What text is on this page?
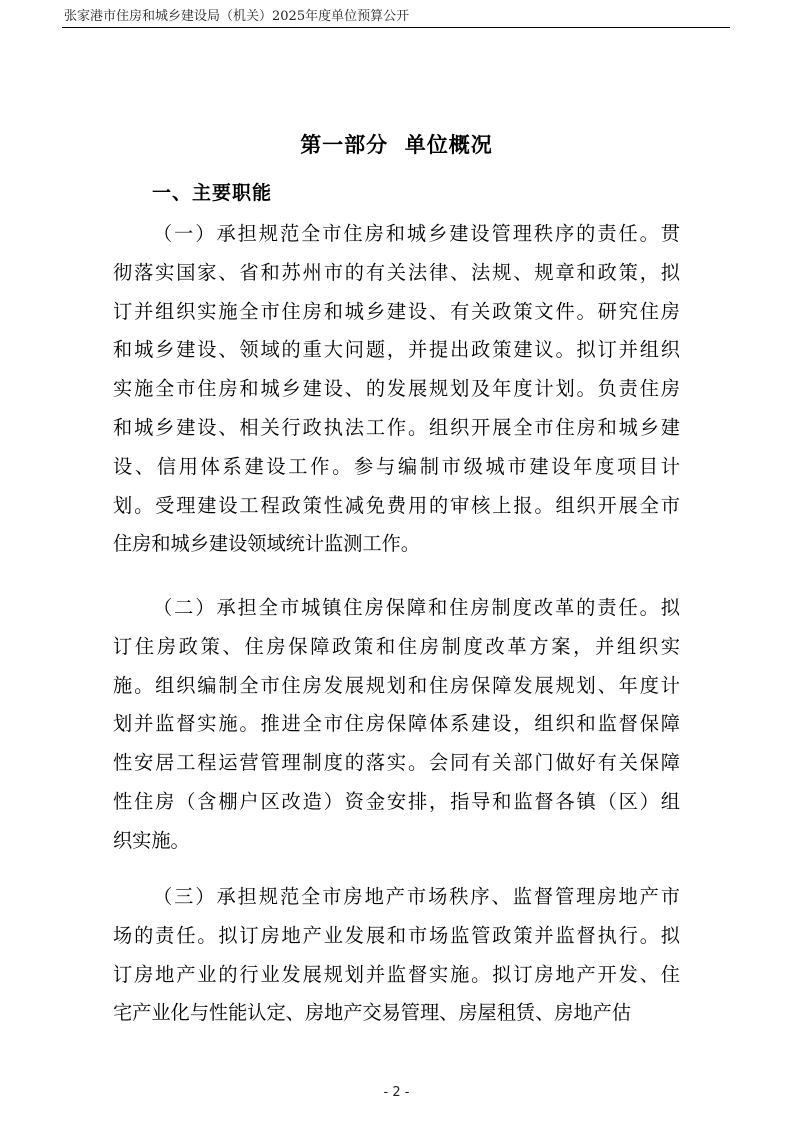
张家港市住房和城乡建设局（机关）2025年度单位预算公开
第一部分  单位概况
一、主要职能
（一）承担规范全市住房和城乡建设管理秩序的责任。贯
彻落实国家、省和苏州市的有关法律、法规、规章和政策，拟
订并组织实施全市住房和城乡建设、有关政策文件。研究住房
和城乡建设、领域的重大问题，并提出政策建议。拟订并组织
实施全市住房和城乡建设、的发展规划及年度计划。负责住房
和城乡建设、相关行政执法工作。组织开展全市住房和城乡建
设、信用体系建设工作。参与编制市级城市建设年度项目计
划。受理建设工程政策性减免费用的审核上报。组织开展全市
住房和城乡建设领域统计监测工作。
（二）承担全市城镇住房保障和住房制度改革的责任。拟
订住房政策、住房保障政策和住房制度改革方案，并组织实
施。组织编制全市住房发展规划和住房保障发展规划、年度计
划并监督实施。推进全市住房保障体系建设，组织和监督保障
性安居工程运营管理制度的落实。会同有关部门做好有关保障
性住房（含棚户区改造）资金安排，指导和监督各镇（区）组
织实施。
（三）承担规范全市房地产市场秩序、监督管理房地产市
场的责任。拟订房地产业发展和市场监管政策并监督执行。拟
订房地产业的行业发展规划并监督实施。拟订房地产开发、住
宅产业化与性能认定、房地产交易管理、房屋租赁、房地产估
- 2 -
